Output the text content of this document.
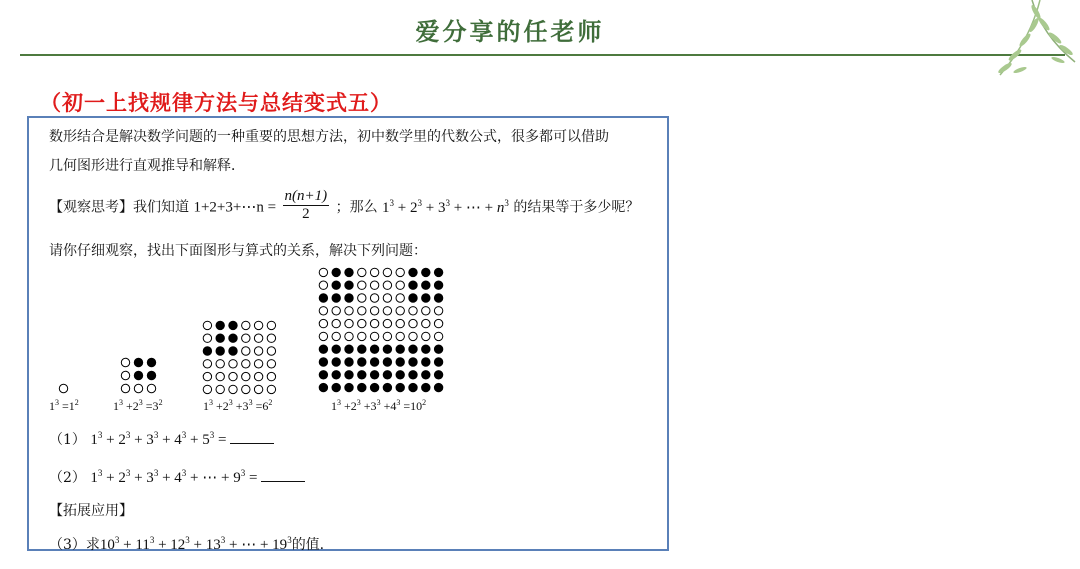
爱分享的任老师
（初一上找规律方法与总结变式五）
数形结合是解决数学问题的一种重要的思想方法，初中数学里的代数公式，很多都可以借助
几何图形进行直观推导和解释．
【观察思考】我们知道 1+2+3+⋯n = $\frac{n(n+1)}{2}$ ；那么 $1^3 + 2^3 + 3^3$ + ⋯ + $n^3$ 的结果等于多少呢？
请你仔细观察，找出下面图形与算式的关系，解决下列问题：
$1^3 =1^2$	$1^3 +2^3 =3^2$	$1^3 +2^3 +3^3 =6^2$	$1^3 +2^3 +3^3 +4^3 =10^2$
（1） $1^3 + 2^3 + 3^3 + 4^3 + 5^3$ =
（2） $1^3 + 2^3 + 3^3 + 4^3$ + ⋯ + $9^3$ =
【拓展应用】
（3）求$10^3 + 11^3 + 12^3 + 13^3$ + ⋯ + $19^3$的值.
